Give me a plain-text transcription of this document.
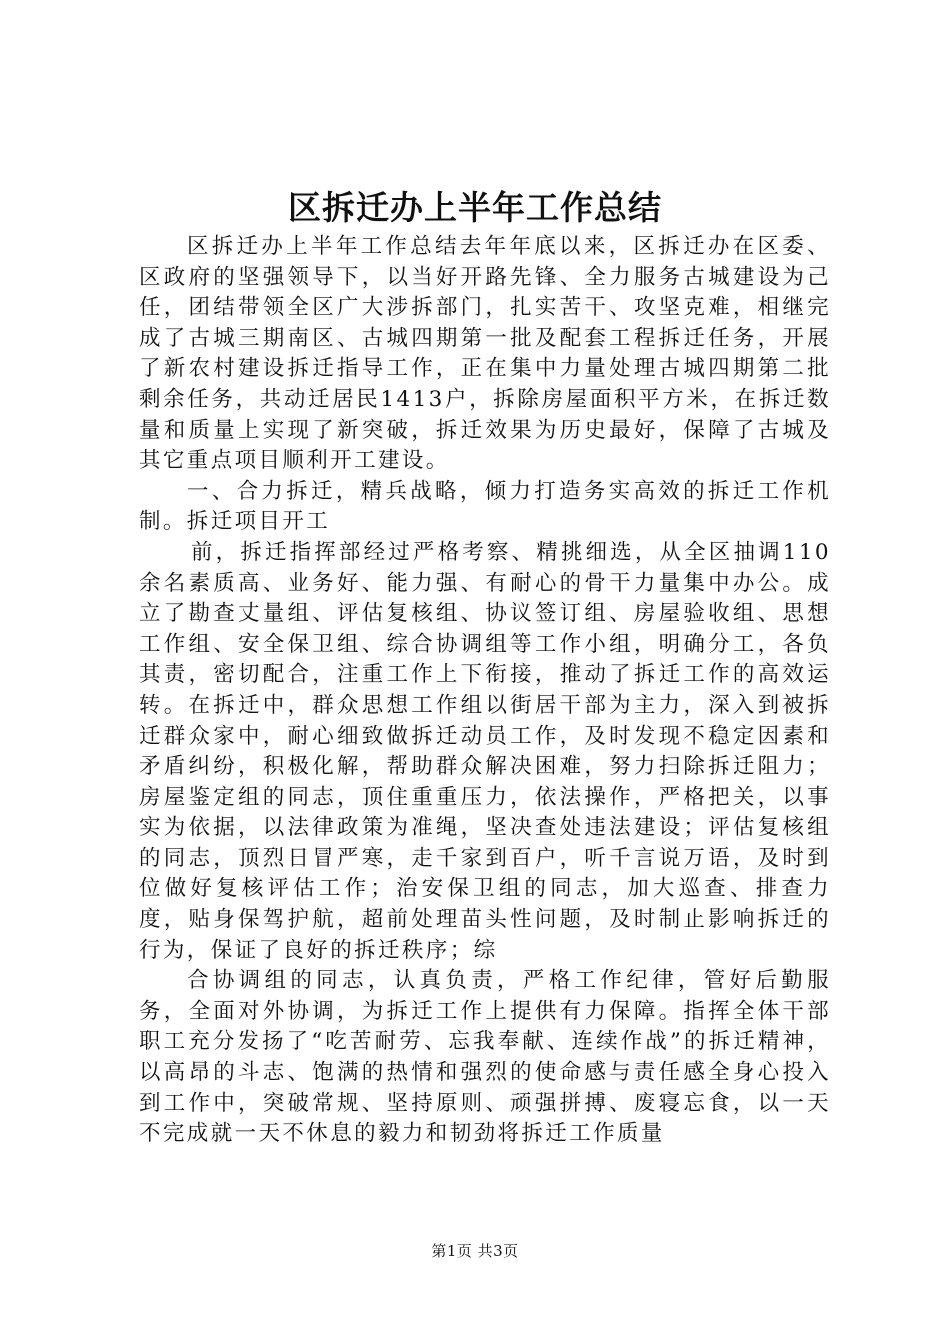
区拆迁办上半年工作总结

区拆迁办上半年工作总结去年年底以来，区拆迁办在区委、区政府的坚强领导下，以当好开路先锋、全力服务古城建设为己任，团结带领全区广大涉拆部门，扎实苦干、攻坚克难，相继完成了古城三期南区、古城四期第一批及配套工程拆迁任务，开展了新农村建设拆迁指导工作，正在集中力量处理古城四期第二批剩余任务，共动迁居民1413户，拆除房屋面积平方米，在拆迁数量和质量上实现了新突破，拆迁效果为历史最好，保障了古城及其它重点项目顺利开工建设。

一、合力拆迁，精兵战略，倾力打造务实高效的拆迁工作机制。拆迁项目开工

前，拆迁指挥部经过严格考察、精挑细选，从全区抽调110余名素质高、业务好、能力强、有耐心的骨干力量集中办公。成立了勘查丈量组、评估复核组、协议签订组、房屋验收组、思想工作组、安全保卫组、综合协调组等工作小组，明确分工，各负其责，密切配合，注重工作上下衔接，推动了拆迁工作的高效运转。在拆迁中，群众思想工作组以街居干部为主力，深入到被拆迁群众家中，耐心细致做拆迁动员工作，及时发现不稳定因素和矛盾纠纷，积极化解，帮助群众解决困难，努力扫除拆迁阻力；房屋鉴定组的同志，顶住重重压力，依法操作，严格把关，以事实为依据，以法律政策为准绳，坚决查处违法建设；评估复核组的同志，顶烈日冒严寒，走千家到百户，听千言说万语，及时到位做好复核评估工作；治安保卫组的同志，加大巡查、排查力度，贴身保驾护航，超前处理苗头性问题，及时制止影响拆迁的行为，保证了良好的拆迁秩序；综

合协调组的同志，认真负责，严格工作纪律，管好后勤服务，全面对外协调，为拆迁工作上提供有力保障。指挥全体干部职工充分发扬了“吃苦耐劳、忘我奉献、连续作战”的拆迁精神，以高昂的斗志、饱满的热情和强烈的使命感与责任感全身心投入到工作中，突破常规、坚持原则、顽强拼搏、废寝忘食，以一天不完成就一天不休息的毅力和韧劲将拆迁工作质量

第1页 共3页
